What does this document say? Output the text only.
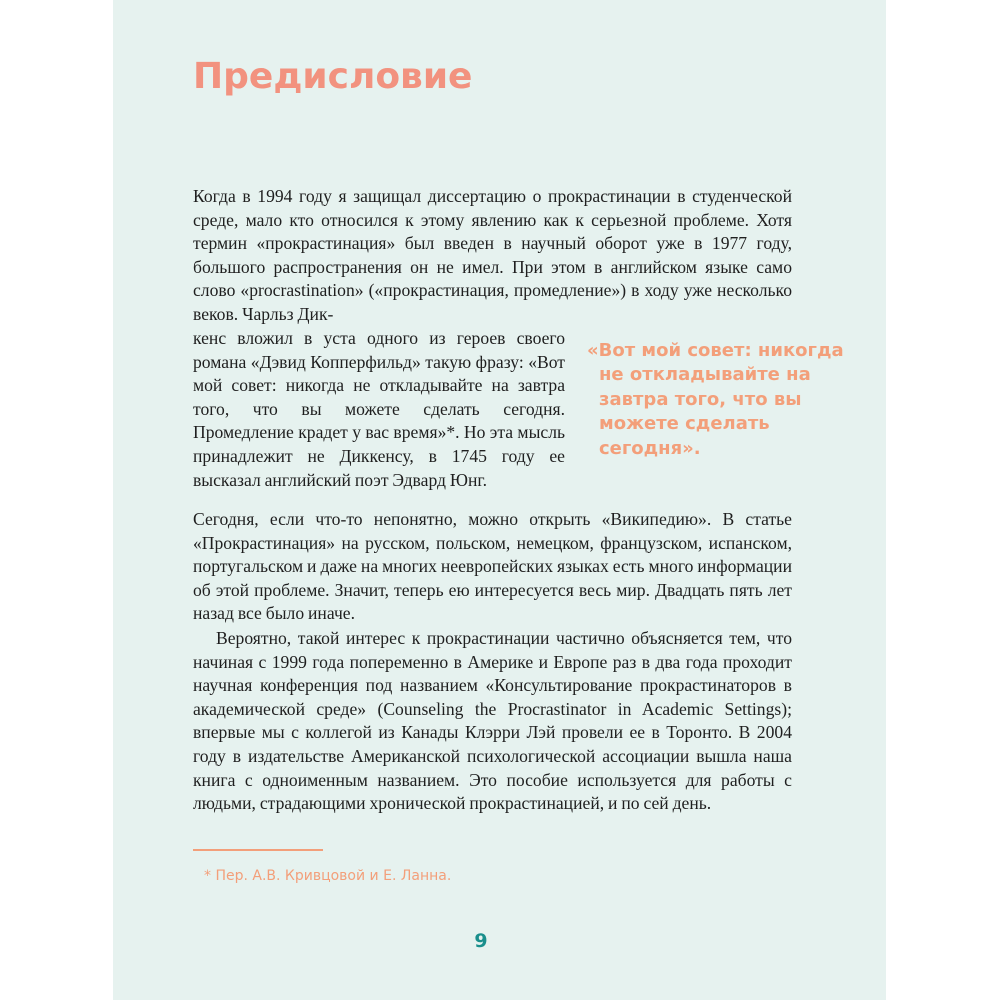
Предисловие

Когда в 1994 году я защищал диссертацию о прокрастинации в студенческой среде, мало кто относился к этому явлению как к серьезной проблеме. Хотя термин «прокрастинация» был введен в научный оборот уже в 1977 году, большого распространения он не имел. При этом в английском языке само слово «procrastination» («прокрастинация, промедление») в ходу уже несколько веков. Чарльз Дик-

кенс вложил в уста одного из героев своего романа «Дэвид Копперфильд» такую фразу: «Вот мой совет: никогда не откладывайте на завтра того, что вы можете сделать сегодня. Промедление крадет у вас время»*. Но эта мысль принадлежит не Диккенсу, в 1745 году ее высказал английский поэт Эдвард Юнг.

«Вот мой совет: никогда не откладывайте на завтра того, что вы можете сделать сегодня».

Сегодня, если что-то непонятно, можно открыть «Википедию». В статье «Прокрастинация» на русском, польском, немецком, французском, испанском, португальском и даже на многих неевропейских языках есть много информации об этой проблеме. Значит, теперь ею интересуется весь мир. Двадцать пять лет назад все было иначе.

Вероятно, такой интерес к прокрастинации частично объясняется тем, что начиная с 1999 года попеременно в Америке и Европе раз в два года проходит научная конференция под названием «Консультирование прокрастинаторов в академической среде» (Counseling the Procrastinator in Academic Settings); впервые мы с коллегой из Канады Клэрри Лэй провели ее в Торонто. В 2004 году в издательстве Американской психологической ассоциации вышла наша книга с одноименным названием. Это пособие используется для работы с людьми, страдающими хронической прокрастинацией, и по сей день.

* Пер. А.В. Кривцовой и Е. Ланна.

9
